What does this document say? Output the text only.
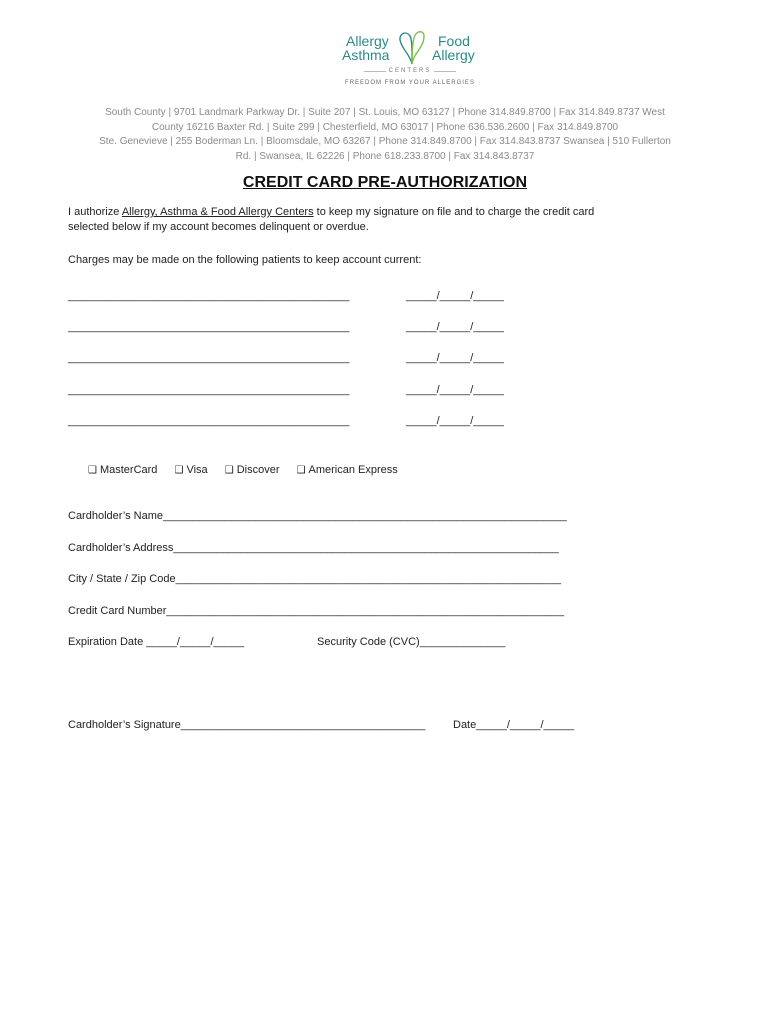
Allergy
Asthma
Food
Allergy
CENTERS
FREEDOM FROM YOUR ALLERGIES
South County | 9701 Landmark Parkway Dr. | Suite 207 | St. Louis, MO 63127 | Phone 314.849.8700 | Fax 314.849.8737 West
County 16216 Baxter Rd. | Suite 299 | Chesterfield, MO 63017 | Phone 636.536.2600 | Fax 314.849.8700
Ste. Genevieve | 255 Boderman Ln. | Bloomsdale, MO 63267 | Phone 314.849.8700 | Fax 314.843.8737 Swansea | 510 Fullerton
Rd. | Swansea, IL 62226 | Phone 618.233.8700 | Fax 314.843.8737
CREDIT CARD PRE-AUTHORIZATION
I authorize Allergy, Asthma & Food Allergy Centers to keep my signature on file and to charge the credit card selected below if my account becomes delinquent or overdue.
Charges may be made on the following patients to keep account current:
______________________________________________	_____/_____/_____
______________________________________________	_____/_____/_____
______________________________________________	_____/_____/_____
______________________________________________	_____/_____/_____
______________________________________________	_____/_____/_____
❑ MasterCard ❑ Visa ❑ Discover ❑ American Express
Cardholder’s Name__________________________________________________________________
Cardholder’s Address_______________________________________________________________
City / State / Zip Code_______________________________________________________________
Credit Card Number_________________________________________________________________
Expiration Date _____/_____/_____	Security Code (CVC)______________
Cardholder’s Signature________________________________________	Date_____/_____/_____
